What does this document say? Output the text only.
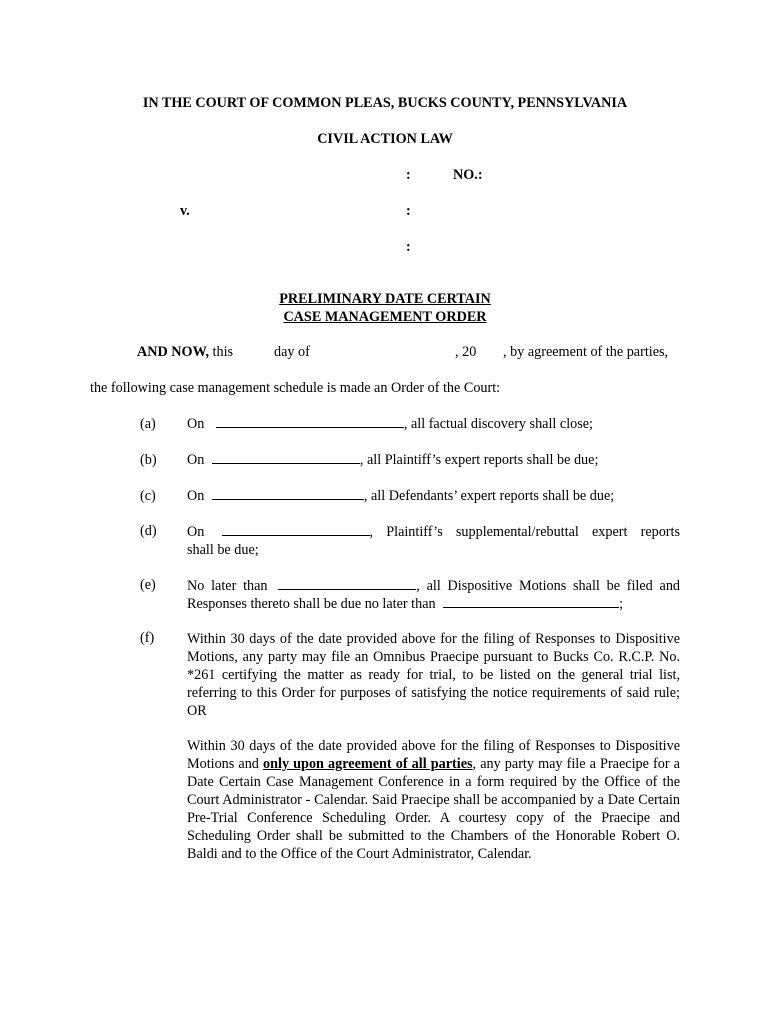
IN THE COURT OF COMMON PLEAS, BUCKS COUNTY, PENNSYLVANIA
CIVIL ACTION LAW
:	NO.:
v.	:
:
PRELIMINARY DATE CERTAIN
CASE MANAGEMENT ORDER
AND NOW, this	day of	, 20 , by agreement of the parties,
the following case management schedule is made an Order of the Court:
(a) On	, all factual discovery shall close;
(b) On	, all Plaintiff’s expert reports shall be due;
(c) On	, all Defendants’ expert reports shall be due;
(d) On	, Plaintiff’s supplemental/rebuttal expert reports
shall be due;
(e) No later than	, all Dispositive Motions shall be filed and
Responses thereto shall be due no later than	;
(f) Within 30 days of the date provided above for the filing of Responses to Dispositive Motions, any party may file an Omnibus Praecipe pursuant to Bucks Co. R.C.P. No. *261 certifying the matter as ready for trial, to be listed on the general trial list, referring to this Order for purposes of satisfying the notice requirements of said rule; OR
Within 30 days of the date provided above for the filing of Responses to Dispositive Motions and only upon agreement of all parties, any party may file a Praecipe for a Date Certain Case Management Conference in a form required by the Office of the Court Administrator - Calendar. Said Praecipe shall be accompanied by a Date Certain Pre-Trial Conference Scheduling Order. A courtesy copy of the Praecipe and Scheduling Order shall be submitted to the Chambers of the Honorable Robert O. Baldi and to the Office of the Court Administrator, Calendar.
